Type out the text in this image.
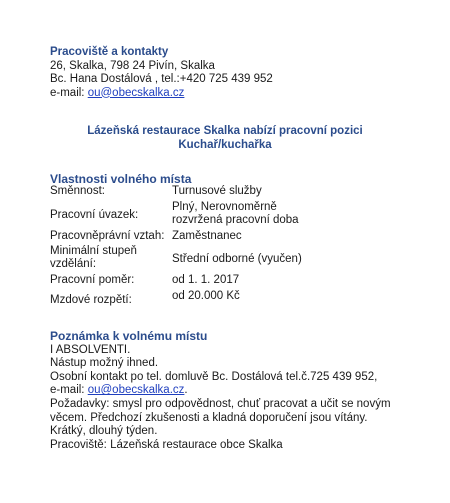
Pracoviště a kontakty
26, Skalka, 798 24 Pivín, Skalka
Bc. Hana Dostálová , tel.:+420 725 439 952
e-mail: ou@obecskalka.cz
Lázeňská restaurace Skalka nabízí pracovní pozici
Kuchař/kuchařka
Vlastnosti volného místa
Směnnost:	Turnusové služby
Pracovní úvazek:
Plný, Nerovnoměrně rozvržená pracovní doba
Pracovněprávní vztah: Zaměstnanec
Minimální stupeň vzdělání:	Střední odborné (vyučen)
Pracovní poměr:	od 1. 1. 2017
Mzdové rozpětí:	od 20.000 Kč
Poznámka k volnému místu
I ABSOLVENTI.
Nástup možný ihned.
Osobní kontakt po tel. domluvě Bc. Dostálová tel.č.725 439 952,
e-mail: ou@obecskalka.cz.
Požadavky: smysl pro odpovědnost, chuť pracovat a učit se novým věcem. Předchozí zkušenosti a kladná doporučení jsou vítány.
Krátký, dlouhý týden.
Pracoviště: Lázeňská restaurace obce Skalka
